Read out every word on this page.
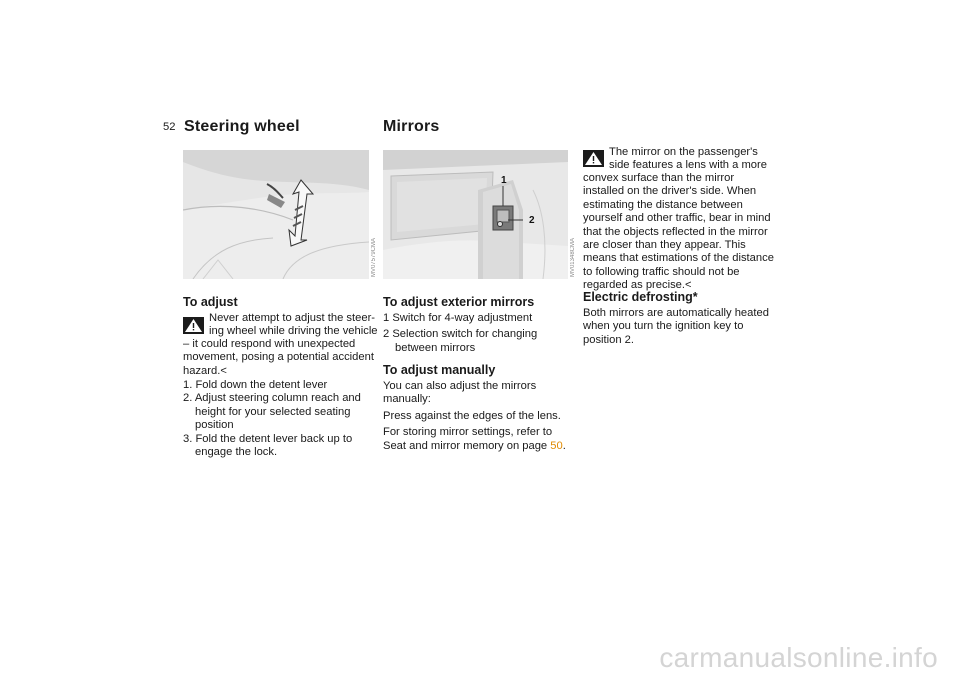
52 Steering wheel
MV07579CMA
To adjust
Never attempt to adjust the steer-
ing wheel while driving the vehicle
– it could respond with unexpected movement, posing a potential accident hazard.<
1. Fold down the detent lever
2. Adjust steering column reach and height for your selected seating position
3. Fold the detent lever back up to engage the lock.
Mirrors
1
2
MV01348CMA
To adjust exterior mirrors
1 Switch for 4-way adjustment
2 Selection switch for changing between mirrors
To adjust manually
You can also adjust the mirrors manually:
Press against the edges of the lens.
For storing mirror settings, refer to Seat and mirror memory on page 50.
The mirror on the passenger's
side features a lens with a more
convex surface than the mirror installed on the driver's side. When estimating the distance between yourself and other traffic, bear in mind that the objects reflected in the mirror are closer than they appear. This means that estimations of the distance to following traffic should not be regarded as precise.<
Electric defrosting*
Both mirrors are automatically heated when you turn the ignition key to position 2.
carmanualsonline.info
